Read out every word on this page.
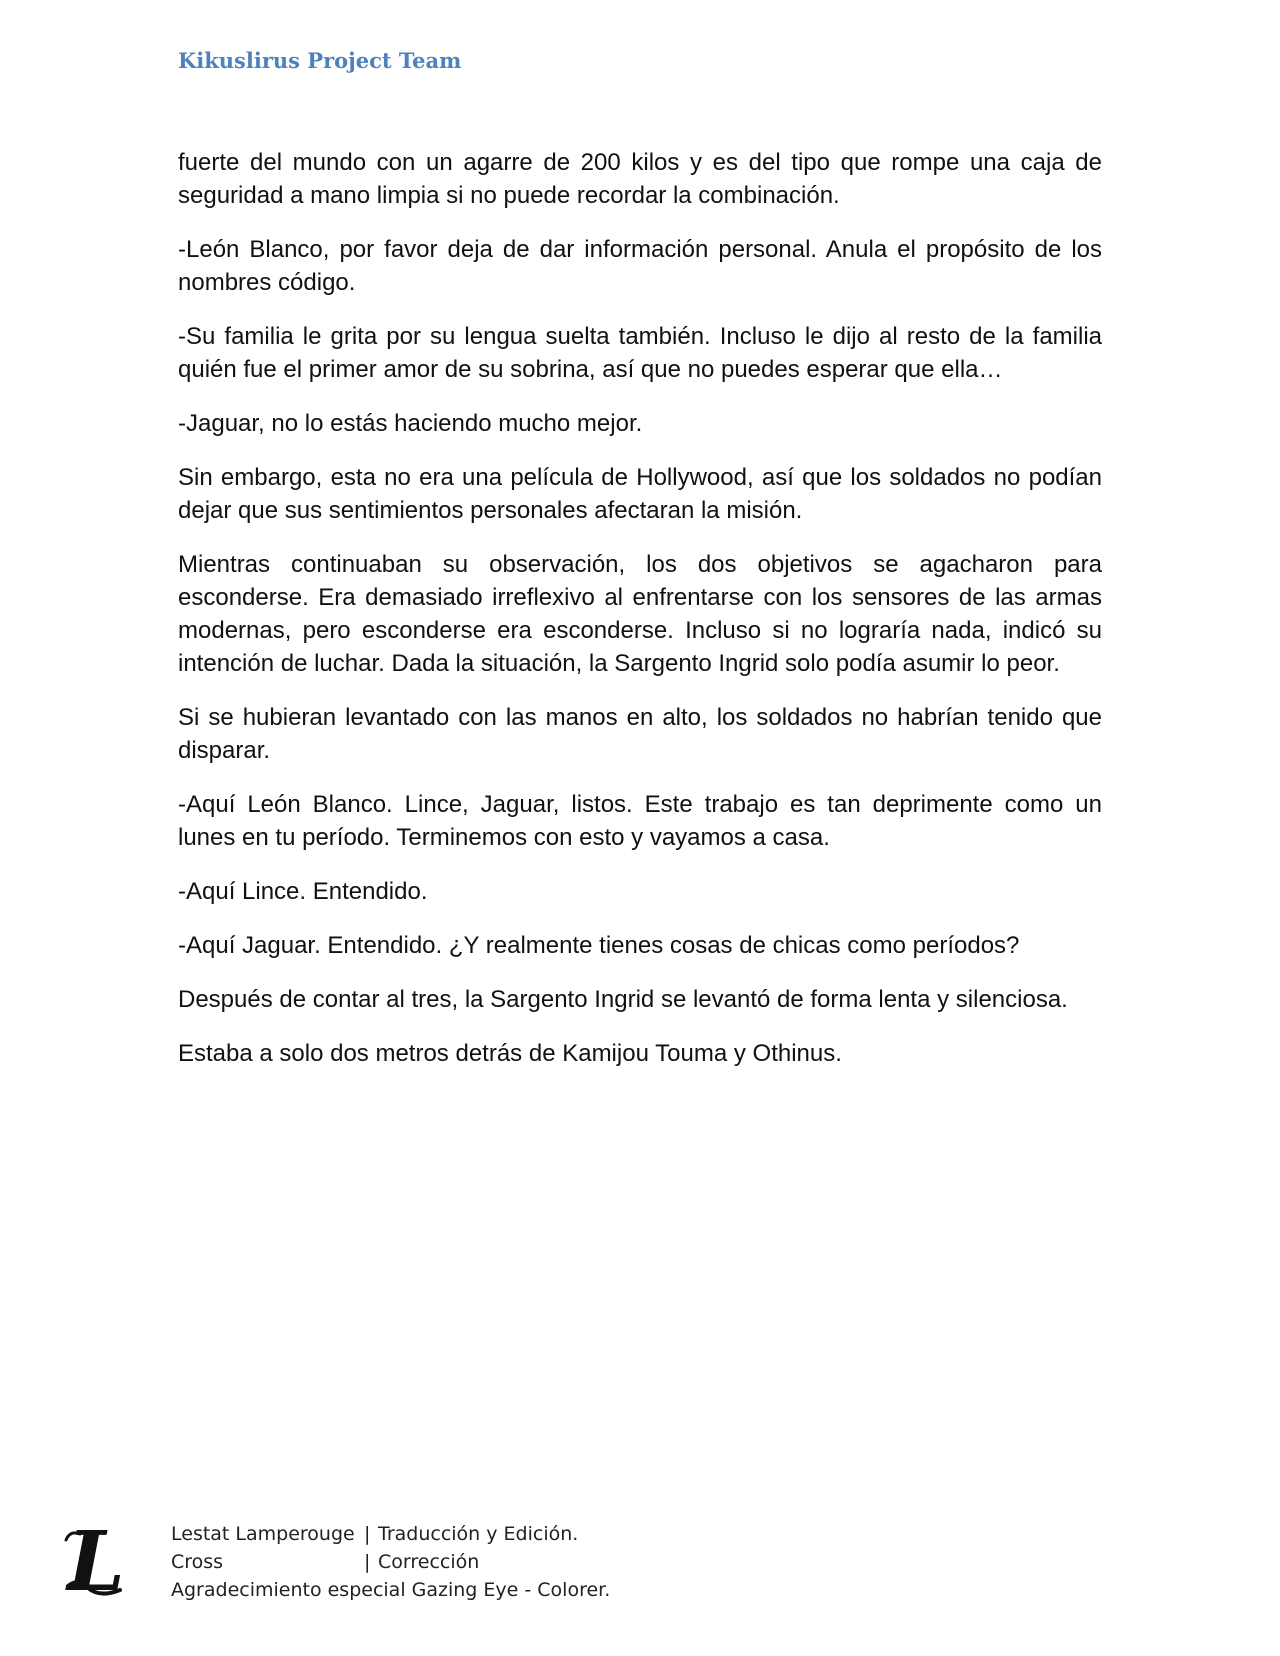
Kikuslirus Project Team

fuerte del mundo con un agarre de 200 kilos y es del tipo que rompe una caja de seguridad a mano limpia si no puede recordar la combinación.

-León Blanco, por favor deja de dar información personal. Anula el propósito de los nombres código.

-Su familia le grita por su lengua suelta también. Incluso le dijo al resto de la familia quién fue el primer amor de su sobrina, así que no puedes esperar que ella…

-Jaguar, no lo estás haciendo mucho mejor.

Sin embargo, esta no era una película de Hollywood, así que los soldados no podían dejar que sus sentimientos personales afectaran la misión.

Mientras continuaban su observación, los dos objetivos se agacharon para esconderse. Era demasiado irreflexivo al enfrentarse con los sensores de las armas modernas, pero esconderse era esconderse. Incluso si no lograría nada, indicó su intención de luchar. Dada la situación, la Sargento Ingrid solo podía asumir lo peor.

Si se hubieran levantado con las manos en alto, los soldados no habrían tenido que disparar.

-Aquí León Blanco. Lince, Jaguar, listos. Este trabajo es tan deprimente como un lunes en tu período. Terminemos con esto y vayamos a casa.

-Aquí Lince. Entendido.

-Aquí Jaguar. Entendido. ¿Y realmente tienes cosas de chicas como períodos?

Después de contar al tres, la Sargento Ingrid se levantó de forma lenta y silenciosa.

Estaba a solo dos metros detrás de Kamijou Touma y Othinus.

L Lestat Lamperouge | Traducción y Edición.
Cross	| Corrección
Agradecimiento especial Gazing Eye - Colorer.
